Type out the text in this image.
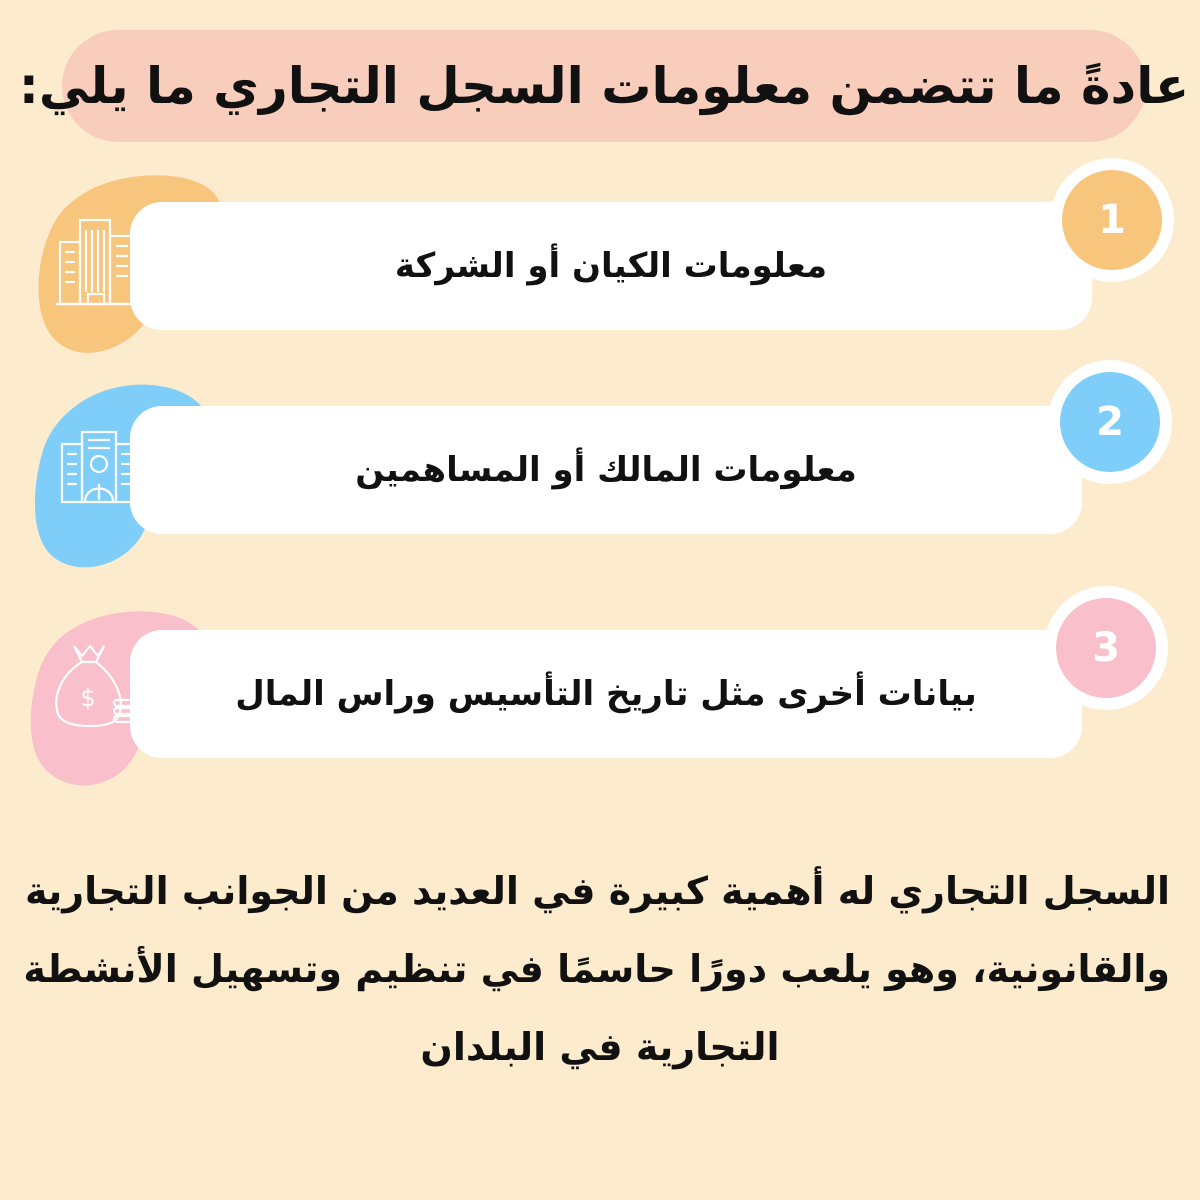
عادةً ما تتضمن معلومات السجل التجاري ما يلي:
معلومات الكيان أو الشركة
1
معلومات المالك أو المساهمين
2
بيانات أخرى مثل تاريخ التأسيس وراس المال
3
$
السجل التجاري له أهمية كبيرة في العديد من الجوانب التجارية
والقانونية، وهو يلعب دورًا حاسمًا في تنظيم وتسهيل الأنشطة
التجارية في البلدان
